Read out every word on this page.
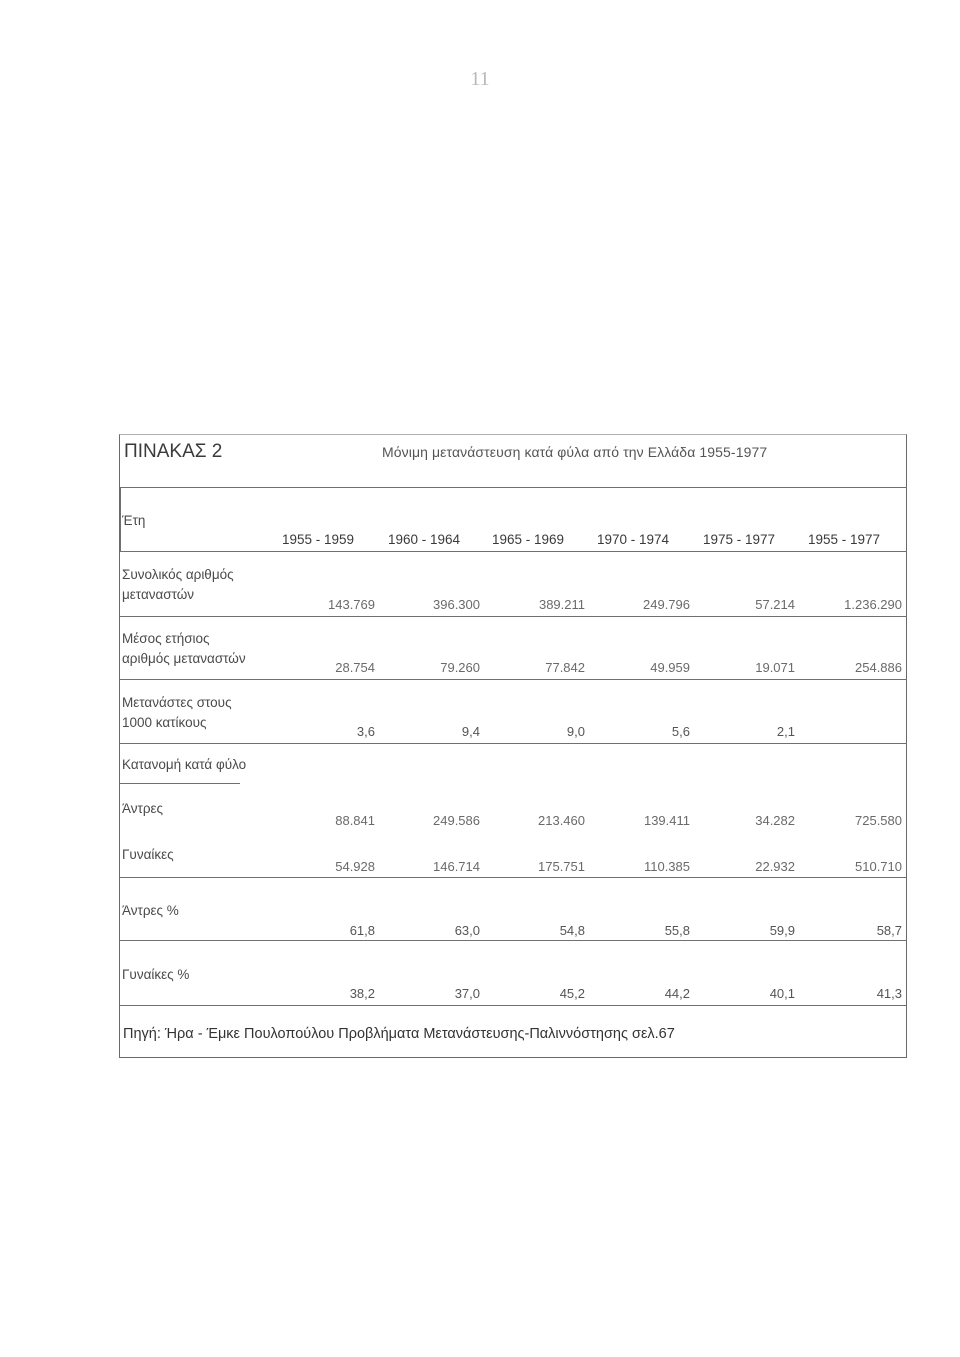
11
ΠΙΝΑΚΑΣ 2	Μόνιμη μετανάστευση κατά φύλα από την Ελλάδα 1955-1977
Έτη
1955 - 1959	1960 - 1964 1965 - 1969 1970 - 1974	1975 - 1977 1955 - 1977
Συνολικός αριθμός
μεταναστών
143.769	396.300	389.211	249.796	57.214	1.236.290
Μέσος ετήσιος
αριθμός μεταναστών
28.754	79.260	77.842	49.959	19.071	254.886
Μετανάστες στους
1000 κατίκους
3,6	9,4	9,0	5,6	2,1
Κατανομή κατά φύλο
Άντρες
88.841	249.586	213.460	139.411	34.282	725.580
Γυναίκες
54.928	146.714	175.751	110.385	22.932	510.710
Άντρες %
61,8	63,0	54,8	55,8	59,9	58,7
Γυναίκες %
38,2	37,0	45,2	44,2	40,1	41,3
Πηγή: Ήρα - Έμκε Πουλοπούλου Προβλήματα Μετανάστευσης-Παλιννόστησης σελ.67
